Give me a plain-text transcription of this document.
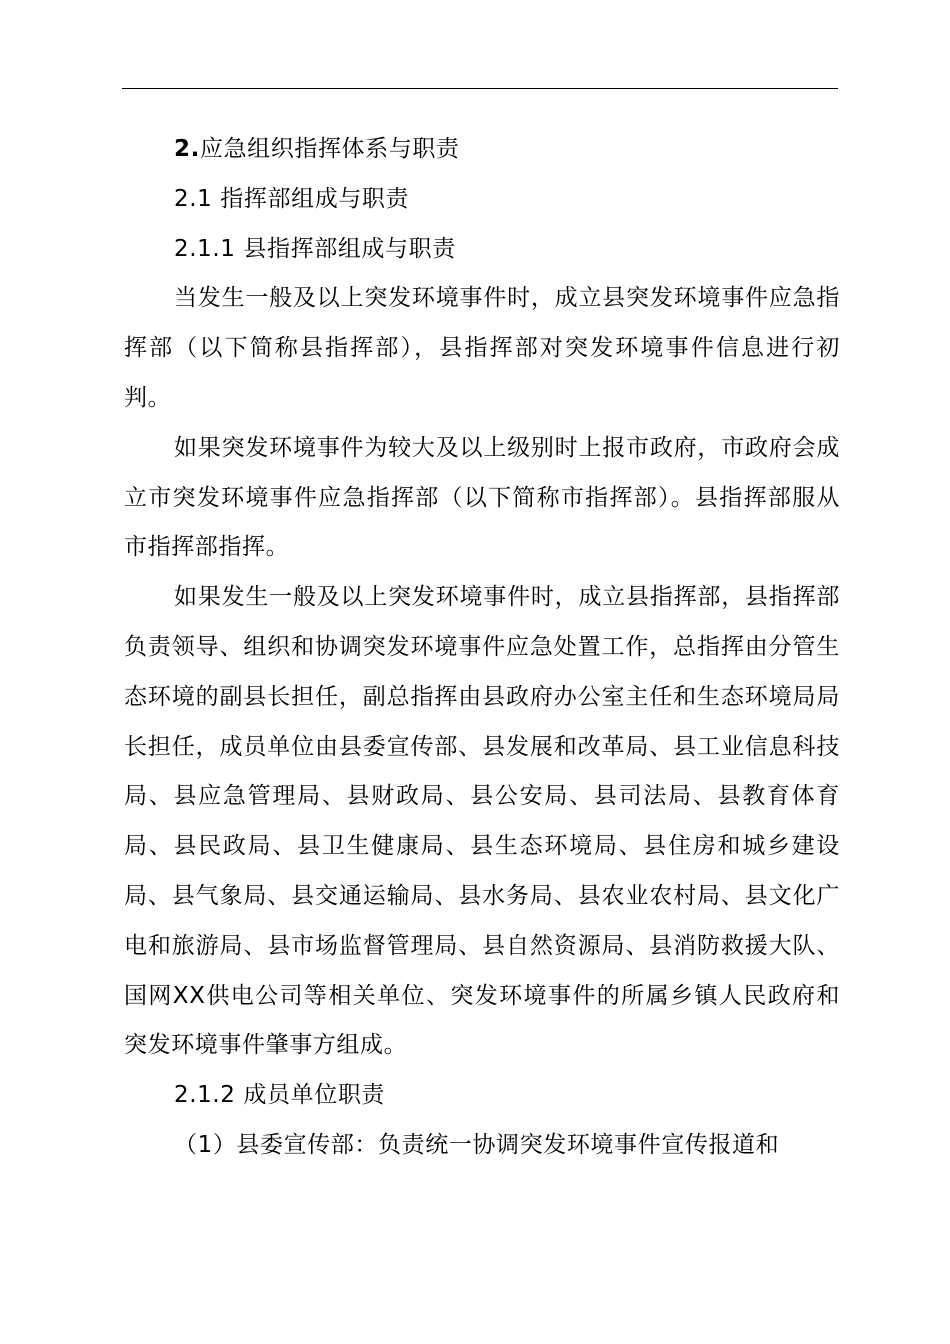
2.应急组织指挥体系与职责

2.1 指挥部组成与职责

2.1.1 县指挥部组成与职责

当发生一般及以上突发环境事件时，成立县突发环境事件应急指挥部（以下简称县指挥部），县指挥部对突发环境事件信息进行初判。

如果突发环境事件为较大及以上级别时上报市政府，市政府会成立市突发环境事件应急指挥部（以下简称市指挥部）。县指挥部服从市指挥部指挥。

如果发生一般及以上突发环境事件时，成立县指挥部，县指挥部负责领导、组织和协调突发环境事件应急处置工作，总指挥由分管生态环境的副县长担任，副总指挥由县政府办公室主任和生态环境局局长担任，成员单位由县委宣传部、县发展和改革局、县工业信息科技局、县应急管理局、县财政局、县公安局、县司法局、县教育体育局、县民政局、县卫生健康局、县生态环境局、县住房和城乡建设局、县气象局、县交通运输局、县水务局、县农业农村局、县文化广电和旅游局、县市场监督管理局、县自然资源局、县消防救援大队、国网XX供电公司等相关单位、突发环境事件的所属乡镇人民政府和突发环境事件肇事方组成。

2.1.2 成员单位职责

（1）县委宣传部：负责统一协调突发环境事件宣传报道和
